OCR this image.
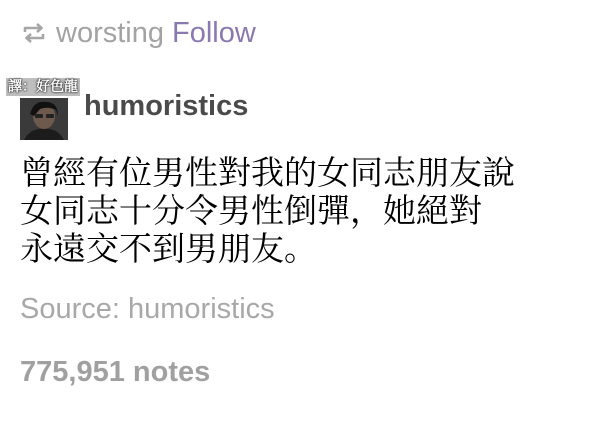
worsting Follow
譯：好色龍
humoristics
曾經有位男性對我的女同志朋友說
女同志十分令男性倒彈，她絕對
永遠交不到男朋友。
Source: humoristics
775,951 notes
